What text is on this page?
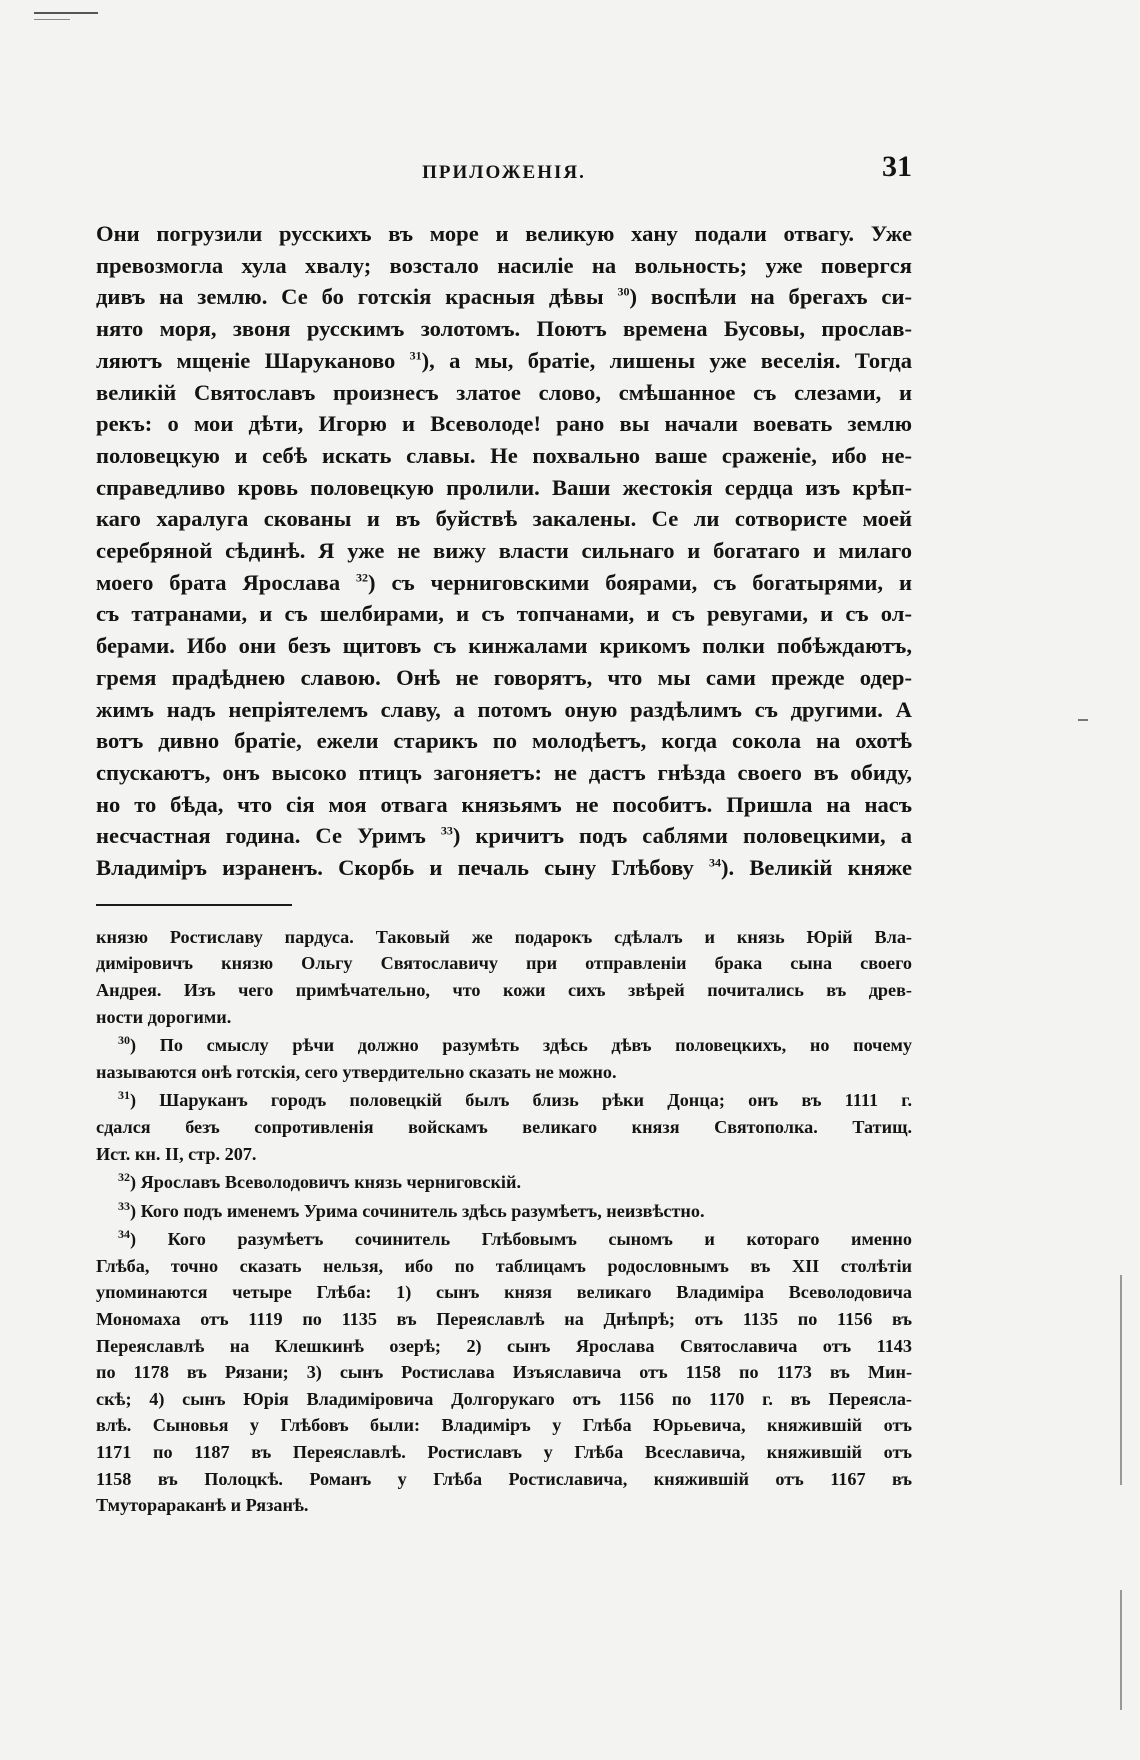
ПРИЛОЖЕНІЯ.	31
Они погрузили русскихъ въ море и великую хану подали отвагу. Уже
превозмогла хула хвалу; возстало насиліе на вольность; уже повергся
дивъ на землю. Се бо готскія красныя дѣвы $^{30}$) воспѣли на брегахъ си-
нято моря, звоня русскимъ золотомъ. Поютъ времена Бусовы, прослав-
ляютъ мщеніе Шаруканово $^{31}$), а мы, братіе, лишены уже веселія. Тогда
великій Святославъ произнесъ златое слово, смѣшанное съ слезами, и
рекъ: о мои дѣти, Игорю и Всеволоде! рано вы начали воевать землю
половецкую и себѣ искать славы. Не похвально ваше сраженіе, ибо не-
справедливо кровь половецкую пролили. Ваши жестокія сердца изъ крѣп-
каго харалуга скованы и въ буйствѣ закалены. Се ли сотвористе моей
серебряной сѣдинѣ. Я уже не вижу власти сильнаго и богатаго и милаго
моего брата Ярослава $^{32}$) съ черниговскими боярами, съ богатырями, и
съ татранами, и съ шелбирами, и съ топчанами, и съ ревугами, и съ ол-
берами. Ибо они безъ щитовъ съ кинжалами крикомъ полки побѣждаютъ,
гремя прадѣднею славою. Онѣ не говорятъ, что мы сами прежде одер-
жимъ надъ непріятелемъ славу, а потомъ оную раздѣлимъ съ другими. А
вотъ дивно братіе, ежели старикъ по молодѣетъ, когда сокола на охотѣ
спускаютъ, онъ высоко птицъ загоняетъ: не дастъ гнѣзда своего въ обиду,
но то бѣда, что сія моя отвага князьямъ не пособитъ. Пришла на насъ
несчастная година. Се Уримъ $^{33}$) кричитъ подъ саблями половецкими, а
Владиміръ израненъ. Скорбь и печаль сыну Глѣбову $^{34}$). Великій княже
князю Ростиславу пардуса. Таковый же подарокъ сдѣлалъ и князь Юрій Вла-
диміровичъ князю Ольгу Святославичу при отправленіи брака сына своего
Андрея. Изъ чего примѣчательно, что кожи сихъ звѣрей почитались въ древ-
ности дорогими.
$^{30}$) По смыслу рѣчи должно разумѣть здѣсь дѣвъ половецкихъ, но почему
называются онѣ готскія, сего утвердительно сказать не можно.
$^{31}$) Шаруканъ городъ половецкій былъ близь рѣки Донца; онъ въ 1111 г.
сдался безъ сопротивленія войскамъ великаго князя Святополка. Татищ.
Ист. кн. II, стр. 207.
$^{32}$) Ярославъ Всеволодовичъ князь черниговскій.
$^{33}$) Кого подъ именемъ Урима сочинитель здѣсь разумѣетъ, неизвѣстно.
$^{34}$) Кого разумѣетъ сочинитель Глѣбовымъ сыномъ и котораго именно
Глѣба, точно сказать нельзя, ибо по таблицамъ родословнымъ въ XII столѣтіи
упоминаются четыре Глѣба: 1) сынъ князя великаго Владиміра Всеволодовича
Мономаха отъ 1119 по 1135 въ Переяславлѣ на Днѣпрѣ; отъ 1135 по 1156 въ
Переяславлѣ на Клешкинѣ озерѣ; 2) сынъ Ярослава Святославича отъ 1143
по 1178 въ Рязани; 3) сынъ Ростислава Изъяславича отъ 1158 по 1173 въ Мин-
скѣ; 4) сынъ Юрія Владиміровича Долгорукаго отъ 1156 по 1170 г. въ Переясла-
влѣ. Сыновья у Глѣбовъ были: Владиміръ у Глѣба Юрьевича, княжившій отъ
1171 по 1187 въ Переяславлѣ. Ростиславъ у Глѣба Всеславича, княжившій отъ
1158 въ Полоцкѣ. Романъ у Глѣба Ростиславича, княжившій отъ 1167 въ
Тмуторараканѣ и Рязанѣ.
